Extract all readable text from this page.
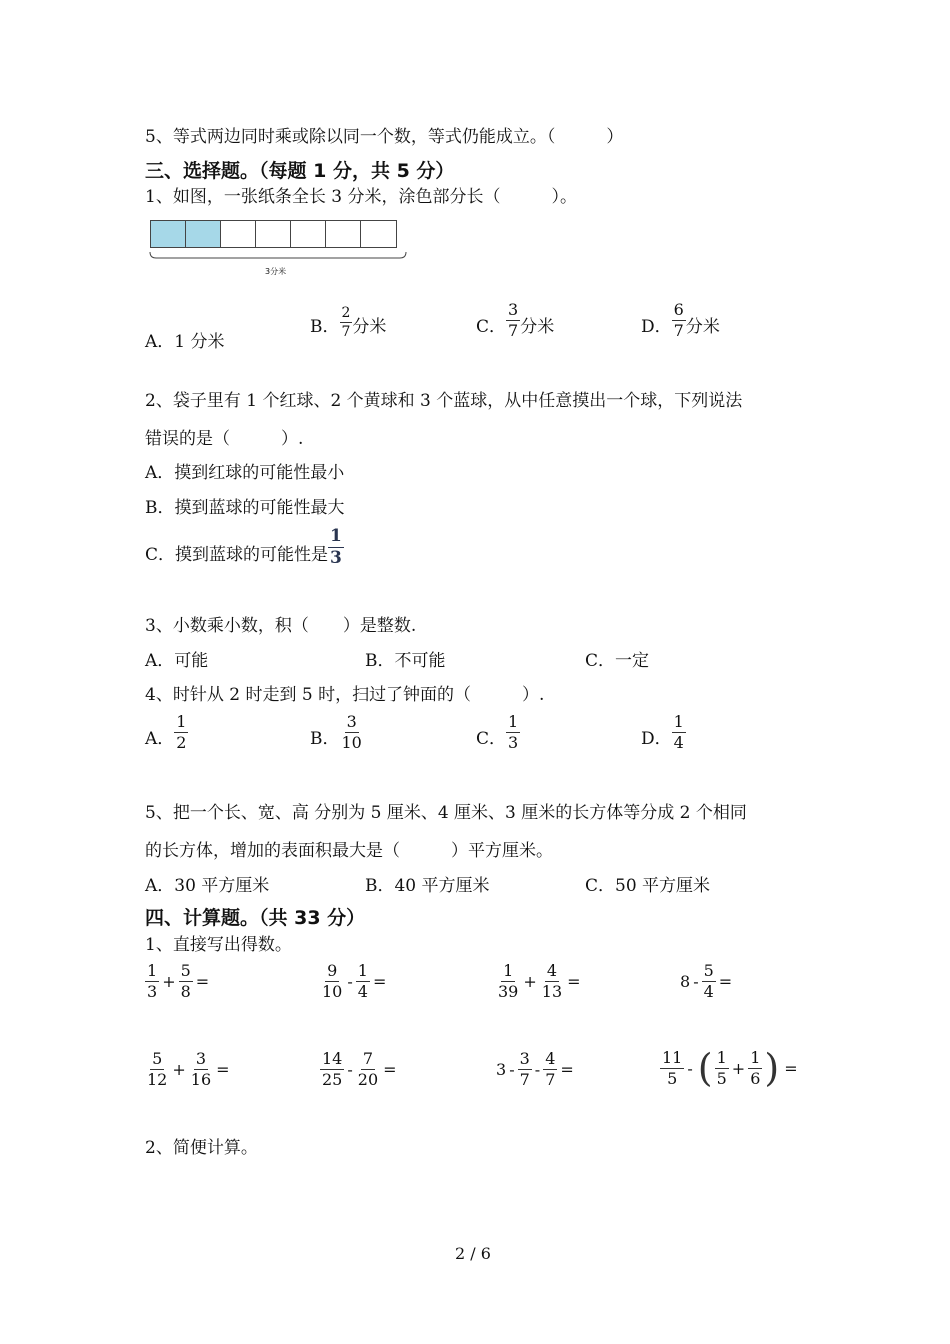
5、等式两边同时乘或除以同一个数，等式仍能成立。（　　　）
三、选择题。（每题 1 分，共 5 分）
1、如图，一张纸条全长 3 分米，涂色部分长（　　　）。
3分米
A．1 分米
B． $\frac{2}{7}$ 分米	C． $\frac{3}{7}$ 分米	D． $\frac{6}{7}$ 分米
2、袋子里有 1 个红球、2 个黄球和 3 个蓝球，从中任意摸出一个球，下列说法
错误的是（　　　）.
A．摸到红球的可能性最小
B．摸到蓝球的可能性最大
C．摸到蓝球的可能性是 $\frac{1}{3}$
3、小数乘小数，积（　　）是整数.
A．可能	B．不可能	C．一定
4、时针从 2 时走到 5 时，扫过了钟面的（　　　）.
A． $\frac{1}{2}$	B． $\frac{3}{10}$	C． $\frac{1}{3}$	D． $\frac{1}{4}$
5、把一个长、宽、高 分别为 5 厘米、4 厘米、3 厘米的长方体等分成 2 个相同
的长方体，增加的表面积最大是（　　　）平方厘米。
A．30 平方厘米	B．40 平方厘米	C．50 平方厘米
四、计算题。（共 33 分）
1、直接写出得数。
$\frac{1}{3} + \frac{5}{8}$ =	$\frac{9}{10} - \frac{1}{4}$ =	$\frac{1}{39} + \frac{4}{13}$ =	$8 - \frac{5}{4}$ =
$\frac{5}{12} + \frac{3}{16}$ =	$\frac{14}{25} - \frac{7}{20}$ =	$3 - \frac{3}{7} - \frac{4}{7}$ =	$\frac{11}{5}$ - ( $\frac{1}{5} + \frac{1}{6}$ ) =
2、简便计算。
2 / 6
